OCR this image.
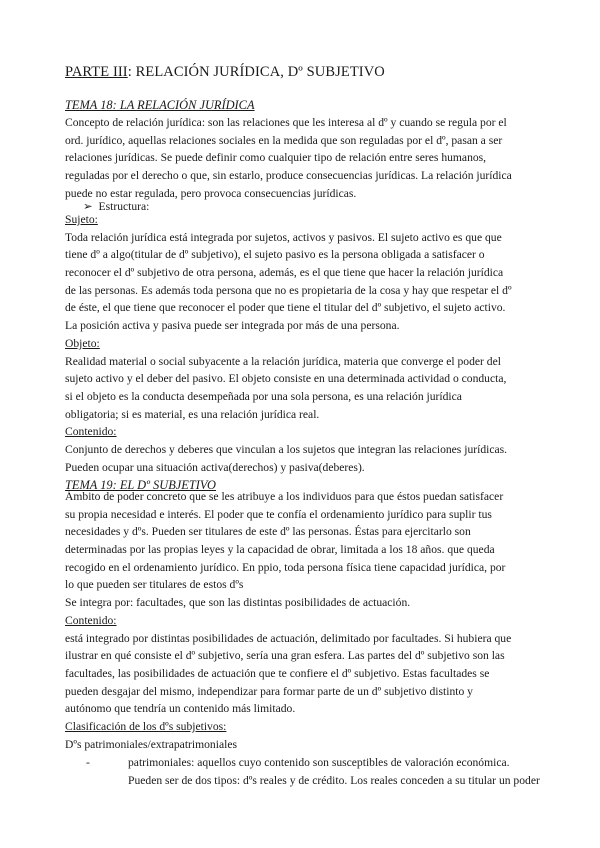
PARTE III: RELACIÓN JURÍDICA, Dº SUBJETIVO
TEMA 18: LA RELACIÓN JURÍDICA
Concepto de relación jurídica: son las relaciones que les interesa al dº y cuando se regula por el
ord. jurídico, aquellas relaciones sociales en la medida que son reguladas por el dº, pasan a ser
relaciones jurídicas. Se puede definir como cualquier tipo de relación entre seres humanos,
reguladas por el derecho o que, sin estarlo, produce consecuencias jurídicas. La relación jurídica
puede no estar regulada, pero provoca consecuencias jurídicas.
➢ Estructura:
Sujeto:
Toda relación jurídica está integrada por sujetos, activos y pasivos. El sujeto activo es que que
tiene dº a algo(titular de dº subjetivo), el sujeto pasivo es la persona obligada a satisfacer o
reconocer el dº subjetivo de otra persona, además, es el que tiene que hacer la relación jurídica
de las personas. Es además toda persona que no es propietaria de la cosa y hay que respetar el dº
de éste, el que tiene que reconocer el poder que tiene el titular del dº subjetivo, el sujeto activo.
La posición activa y pasiva puede ser integrada por más de una persona.
Objeto:
Realidad material o social subyacente a la relación jurídica, materia que converge el poder del
sujeto activo y el deber del pasivo. El objeto consiste en una determinada actividad o conducta,
si el objeto es la conducta desempeñada por una sola persona, es una relación jurídica
obligatoria; si es material, es una relación jurídica real.
Contenido:
Conjunto de derechos y deberes que vinculan a los sujetos que integran las relaciones jurídicas.
Pueden ocupar una situación activa(derechos) y pasiva(deberes).
TEMA 19: EL Dº SUBJETIVO
Ámbito de poder concreto que se les atribuye a los individuos para que éstos puedan satisfacer
su propia necesidad e interés. El poder que te confía el ordenamiento jurídico para suplir tus
necesidades y dºs. Pueden ser titulares de este dº las personas. Éstas para ejercitarlo son
determinadas por las propias leyes y la capacidad de obrar, limitada a los 18 años. que queda
recogido en el ordenamiento jurídico. En ppio, toda persona física tiene capacidad jurídica, por
lo que pueden ser titulares de estos dºs
Se integra por: facultades, que son las distintas posibilidades de actuación.
Contenido:
está integrado por distintas posibilidades de actuación, delimitado por facultades. Si hubiera que
ilustrar en qué consiste el dº subjetivo, sería una gran esfera. Las partes del dº subjetivo son las
facultades, las posibilidades de actuación que te confiere el dº subjetivo. Estas facultades se
pueden desgajar del mismo, independizar para formar parte de un dº subjetivo distinto y
autónomo que tendría un contenido más limitado.
Clasificación de los dºs subjetivos:
Dºs patrimoniales/extrapatrimoniales
-	patrimoniales: aquellos cuyo contenido son susceptibles de valoración económica.
Pueden ser de dos tipos: dºs reales y de crédito. Los reales conceden a su titular un poder
